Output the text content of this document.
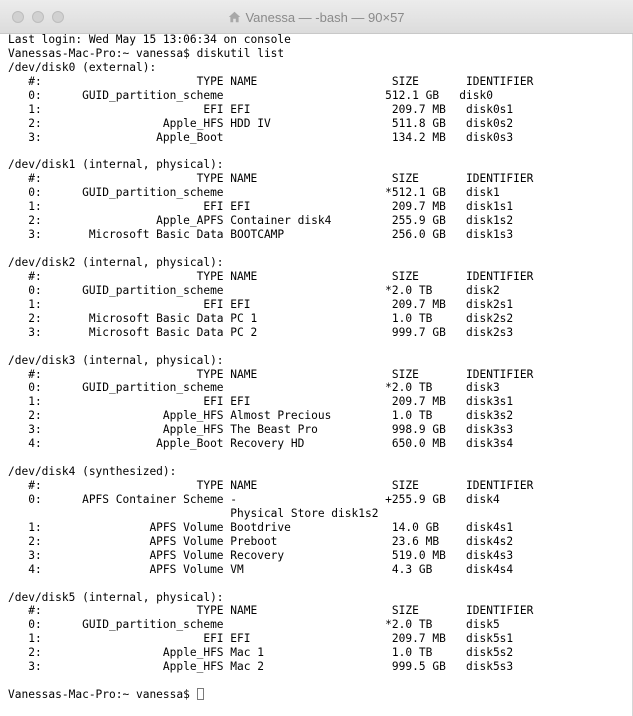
Vanessa — -bash — 90×57
Last login: Wed May 15 13:06:34 on console
Vanessas-Mac-Pro:~ vanessa$ diskutil list
/dev/disk0 (external):
#:                       TYPE NAME                    SIZE       IDENTIFIER
0:      GUID_partition_scheme                        512.1 GB   disk0
1:                        EFI EFI                     209.7 MB   disk0s1
2:                  Apple_HFS HDD IV                  511.8 GB   disk0s2
3:                 Apple_Boot                         134.2 MB   disk0s3
/dev/disk1 (internal, physical):
#:                       TYPE NAME                    SIZE       IDENTIFIER
0:      GUID_partition_scheme                        *512.1 GB   disk1
1:                        EFI EFI                     209.7 MB   disk1s1
2:                 Apple_APFS Container disk4         255.9 GB   disk1s2
3:       Microsoft Basic Data BOOTCAMP                256.0 GB   disk1s3
/dev/disk2 (internal, physical):
#:                       TYPE NAME                    SIZE       IDENTIFIER
0:      GUID_partition_scheme                        *2.0 TB     disk2
1:                        EFI EFI                     209.7 MB   disk2s1
2:       Microsoft Basic Data PC 1                    1.0 TB     disk2s2
3:       Microsoft Basic Data PC 2                    999.7 GB   disk2s3
/dev/disk3 (internal, physical):
#:                       TYPE NAME                    SIZE       IDENTIFIER
0:      GUID_partition_scheme                        *2.0 TB     disk3
1:                        EFI EFI                     209.7 MB   disk3s1
2:                  Apple_HFS Almost Precious         1.0 TB     disk3s2
3:                  Apple_HFS The Beast Pro           998.9 GB   disk3s3
4:                 Apple_Boot Recovery HD             650.0 MB   disk3s4
/dev/disk4 (synthesized):
#:                       TYPE NAME                    SIZE       IDENTIFIER
0:      APFS Container Scheme -                      +255.9 GB   disk4
Physical Store disk1s2
1:                APFS Volume Bootdrive               14.0 GB    disk4s1
2:                APFS Volume Preboot                 23.6 MB    disk4s2
3:                APFS Volume Recovery                519.0 MB   disk4s3
4:                APFS Volume VM                      4.3 GB     disk4s4
/dev/disk5 (internal, physical):
#:                       TYPE NAME                    SIZE       IDENTIFIER
0:      GUID_partition_scheme                        *2.0 TB     disk5
1:                        EFI EFI                     209.7 MB   disk5s1
2:                  Apple_HFS Mac 1                   1.0 TB     disk5s2
3:                  Apple_HFS Mac 2                   999.5 GB   disk5s3
Vanessas-Mac-Pro:~ vanessa$
